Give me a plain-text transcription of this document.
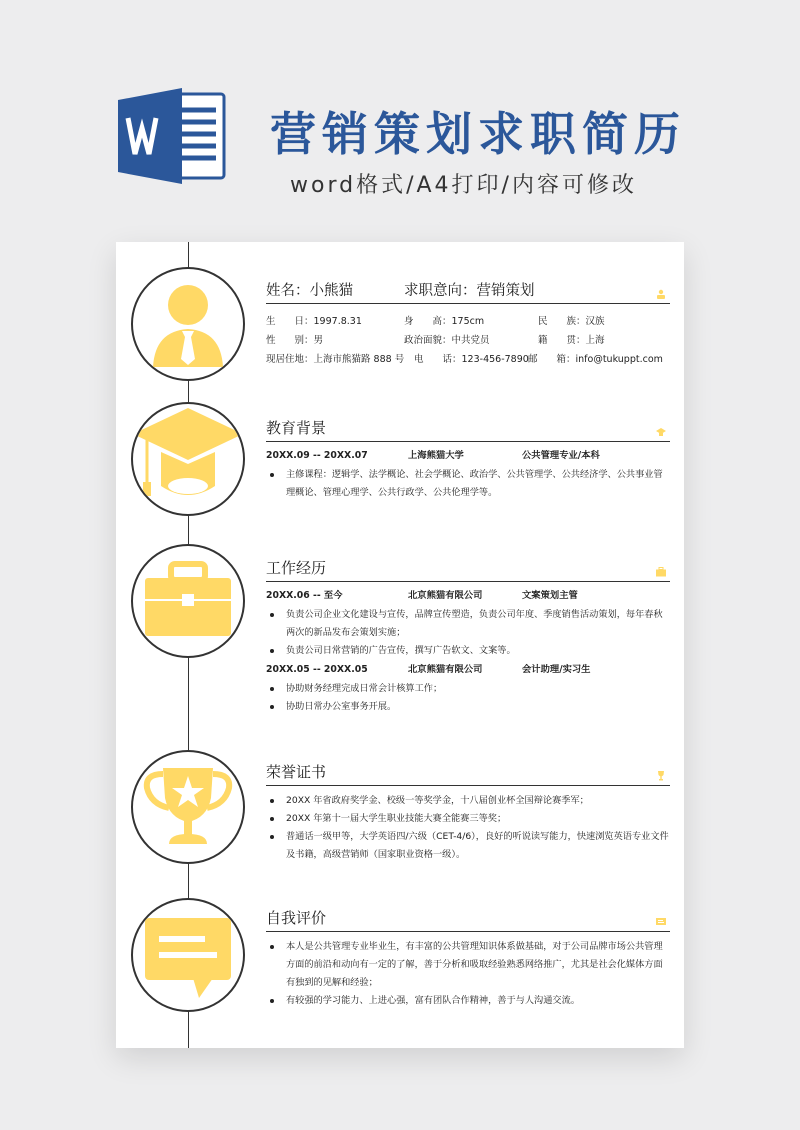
营销策划求职简历
word格式/A4打印/内容可修改
姓名：小熊猫	求职意向：营销策划
生　　日：1997.8.31	身　　高：175cm	民　　族：汉族
性　　别：男	政治面貌：中共党员	籍　　贯：上海
现居住地：上海市熊猫路 888 号 电　　话：123-456-7890 邮　　箱：info@tukuppt.com
教育背景
20XX.09 -- 20XX.07	上海熊猫大学	公共管理专业/本科
主修课程：逻辑学、法学概论、社会学概论、政治学、公共管理学、公共经济学、公共事业管理概论、管理心理学、公共行政学、公共伦理学等。
工作经历
20XX.06 -- 至今	北京熊猫有限公司	文案策划主管
负责公司企业文化建设与宣传，品牌宣传塑造，负责公司年度、季度销售活动策划，每年春秋两次的新品发布会策划实施；
负责公司日常营销的广告宣传，撰写广告软文、文案等。
20XX.05 -- 20XX.05	北京熊猫有限公司	会计助理/实习生
协助财务经理完成日常会计核算工作；
协助日常办公室事务开展。
荣誉证书
20XX 年省政府奖学金、校级一等奖学金，十八届创业杯全国辩论赛季军；
20XX 年第十一届大学生职业技能大赛全能赛三等奖；
普通话一级甲等，大学英语四/六级（CET-4/6），良好的听说读写能力，快速浏览英语专业文件及书籍，高级营销师（国家职业资格一级）。
自我评价
本人是公共管理专业毕业生，有丰富的公共管理知识体系做基础，对于公司品牌市场公共管理方面的前沿和动向有一定的了解，善于分析和吸取经验熟悉网络推广，尤其是社会化媒体方面有独到的见解和经验；
有较强的学习能力、上进心强，富有团队合作精神，善于与人沟通交流。
